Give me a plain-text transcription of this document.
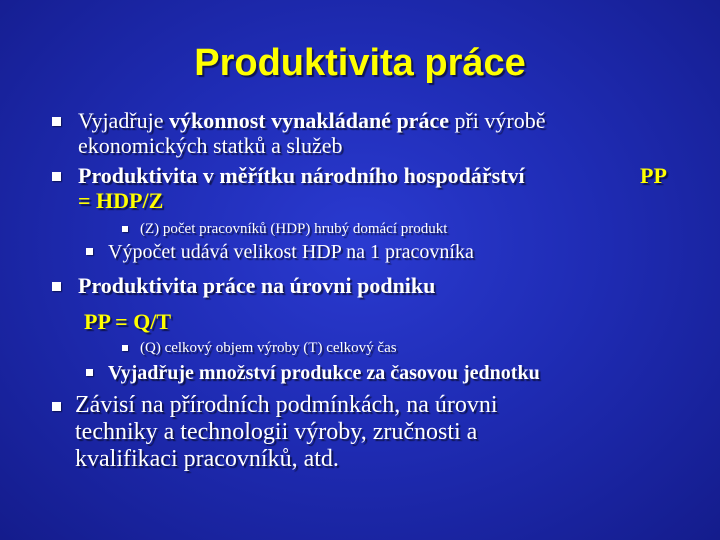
Produktivita práce
Vyjadřuje výkonnost vynakládané práce při výrobě
ekonomických statků a služeb
Produktivita v měřítku národního hospodářství	PP
= HDP/Z
(Z) počet pracovníků (HDP) hrubý domácí produkt
Výpočet udává velikost HDP na 1 pracovníka
Produktivita práce na úrovni podniku
PP = Q/T
(Q) celkový objem výroby (T) celkový čas
Vyjadřuje množství produkce za časovou jednotku
Závisí na přírodních podmínkách, na úrovni
techniky a technologii výroby, zručnosti a
kvalifikaci pracovníků, atd.
